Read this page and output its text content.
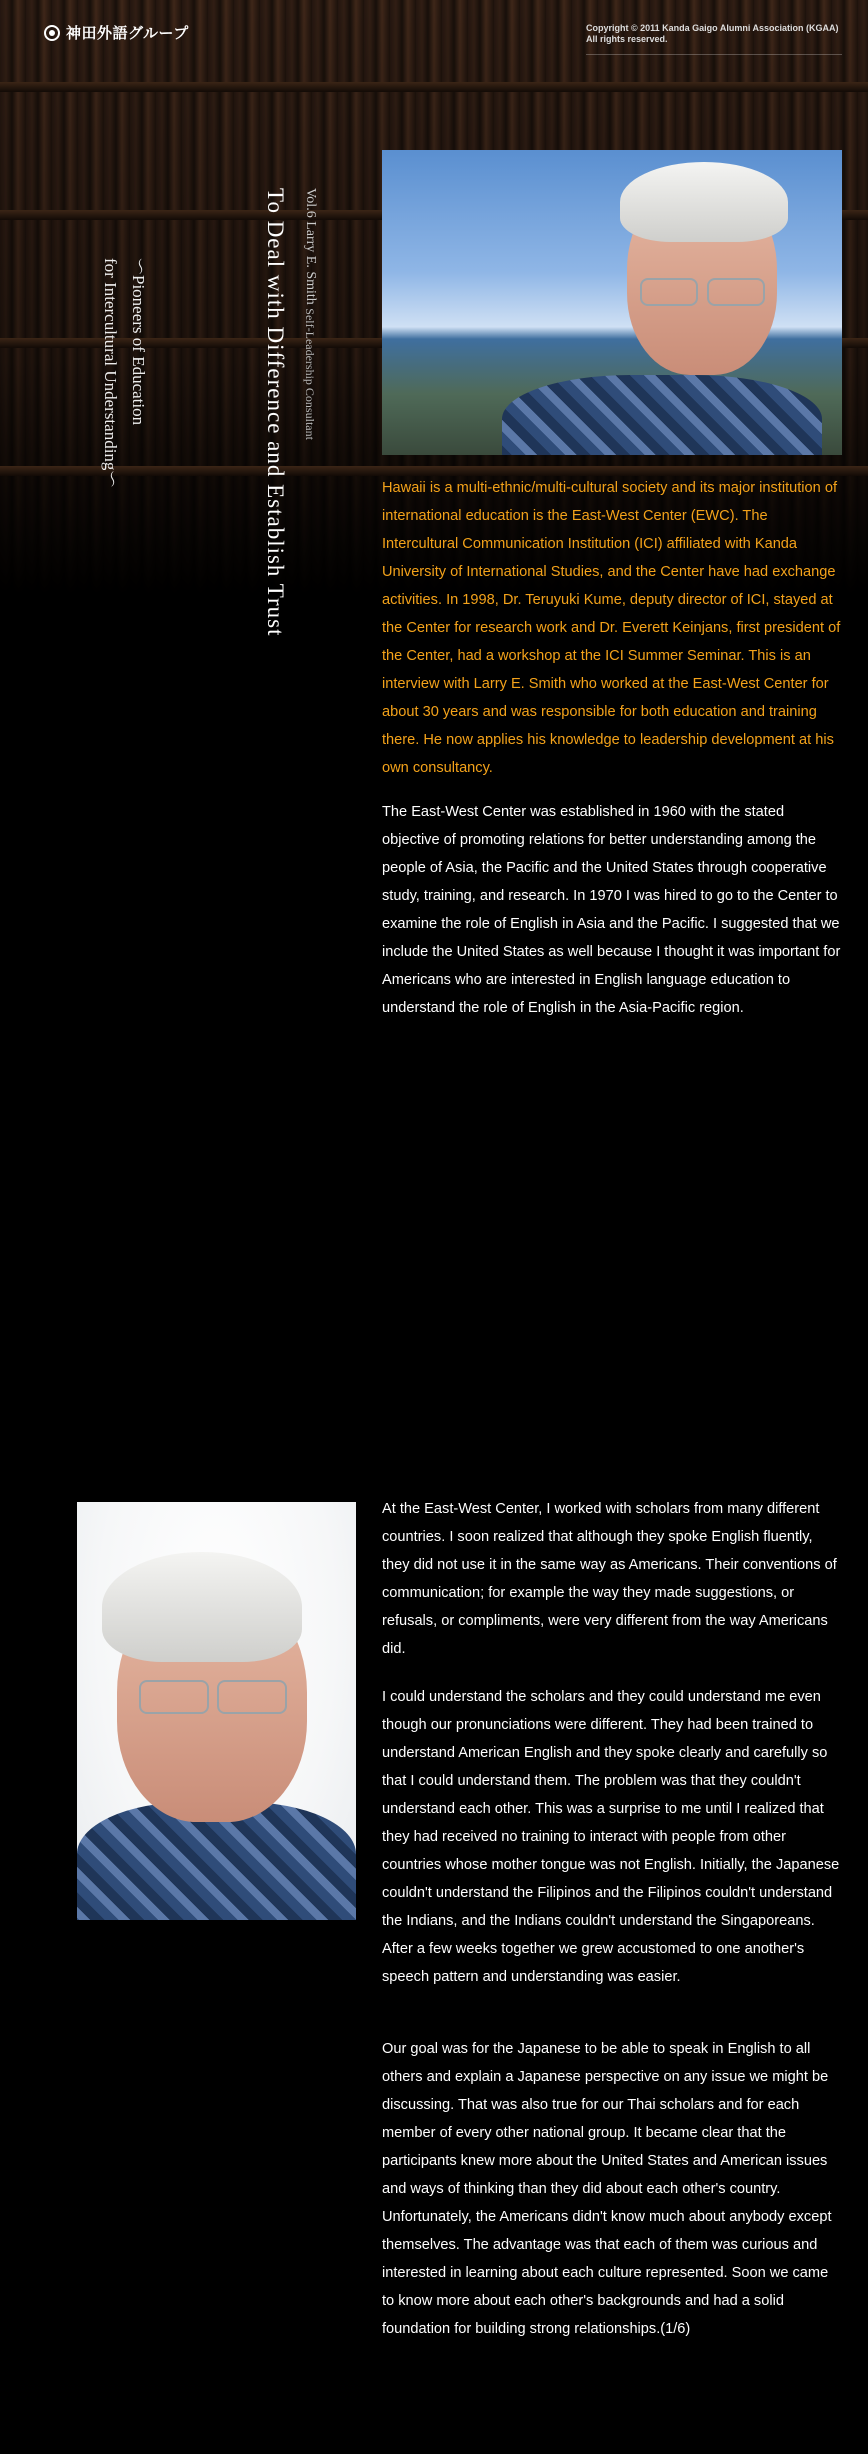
神田外語グループ	Copyright © 2011 Kanda Gaigo Alumni Association (KGAA)
All rights reserved.
Vol.6 Larry E. Smith Self-Leadership Consultant
To Deal with Difference and Establish Trust
〜Pioneers of Education
for Intercultural Understanding〜

Hawaii is a multi-ethnic/multi-cultural society and its major institution of international education is the East-West Center (EWC). The Intercultural Communication Institution (ICI) affiliated with Kanda University of International Studies, and the Center have had exchange activities. In 1998, Dr. Teruyuki Kume, deputy director of ICI, stayed at the Center for research work and Dr. Everett Keinjans, first president of the Center, had a workshop at the ICI Summer Seminar. This is an interview with Larry E. Smith who worked at the East-West Center for about 30 years and was responsible for both education and training there. He now applies his knowledge to leadership development at his own consultancy.

The East-West Center was established in 1960 with the stated objective of promoting relations for better understanding among the people of Asia, the Pacific and the United States through cooperative study, training, and research. In 1970 I was hired to go to the Center to examine the role of English in Asia and the Pacific. I suggested that we include the United States as well because I thought it was important for Americans who are interested in English language education to understand the role of English in the Asia-Pacific region.

At the East-West Center, I worked with scholars from many different countries. I soon realized that although they spoke English fluently, they did not use it in the same way as Americans. Their conventions of communication; for example the way they made suggestions, or refusals, or compliments, were very different from the way Americans did.

I could understand the scholars and they could understand me even though our pronunciations were different. They had been trained to understand American English and they spoke clearly and carefully so that I could understand them. The problem was that they couldn't understand each other. This was a surprise to me until I realized that they had received no training to interact with people from other countries whose mother tongue was not English. Initially, the Japanese couldn't understand the Filipinos and the Filipinos couldn't understand the Indians, and the Indians couldn't understand the Singaporeans. After a few weeks together we grew accustomed to one another's speech pattern and understanding was easier.

Our goal was for the Japanese to be able to speak in English to all others and explain a Japanese perspective on any issue we might be discussing. That was also true for our Thai scholars and for each member of every other national group. It became clear that the participants knew more about the United States and American issues and ways of thinking than they did about each other's country. Unfortunately, the Americans didn't know much about anybody except themselves. The advantage was that each of them was curious and interested in learning about each culture represented. Soon we came to know more about each other's backgrounds and had a solid foundation for building strong relationships.(1/6)
